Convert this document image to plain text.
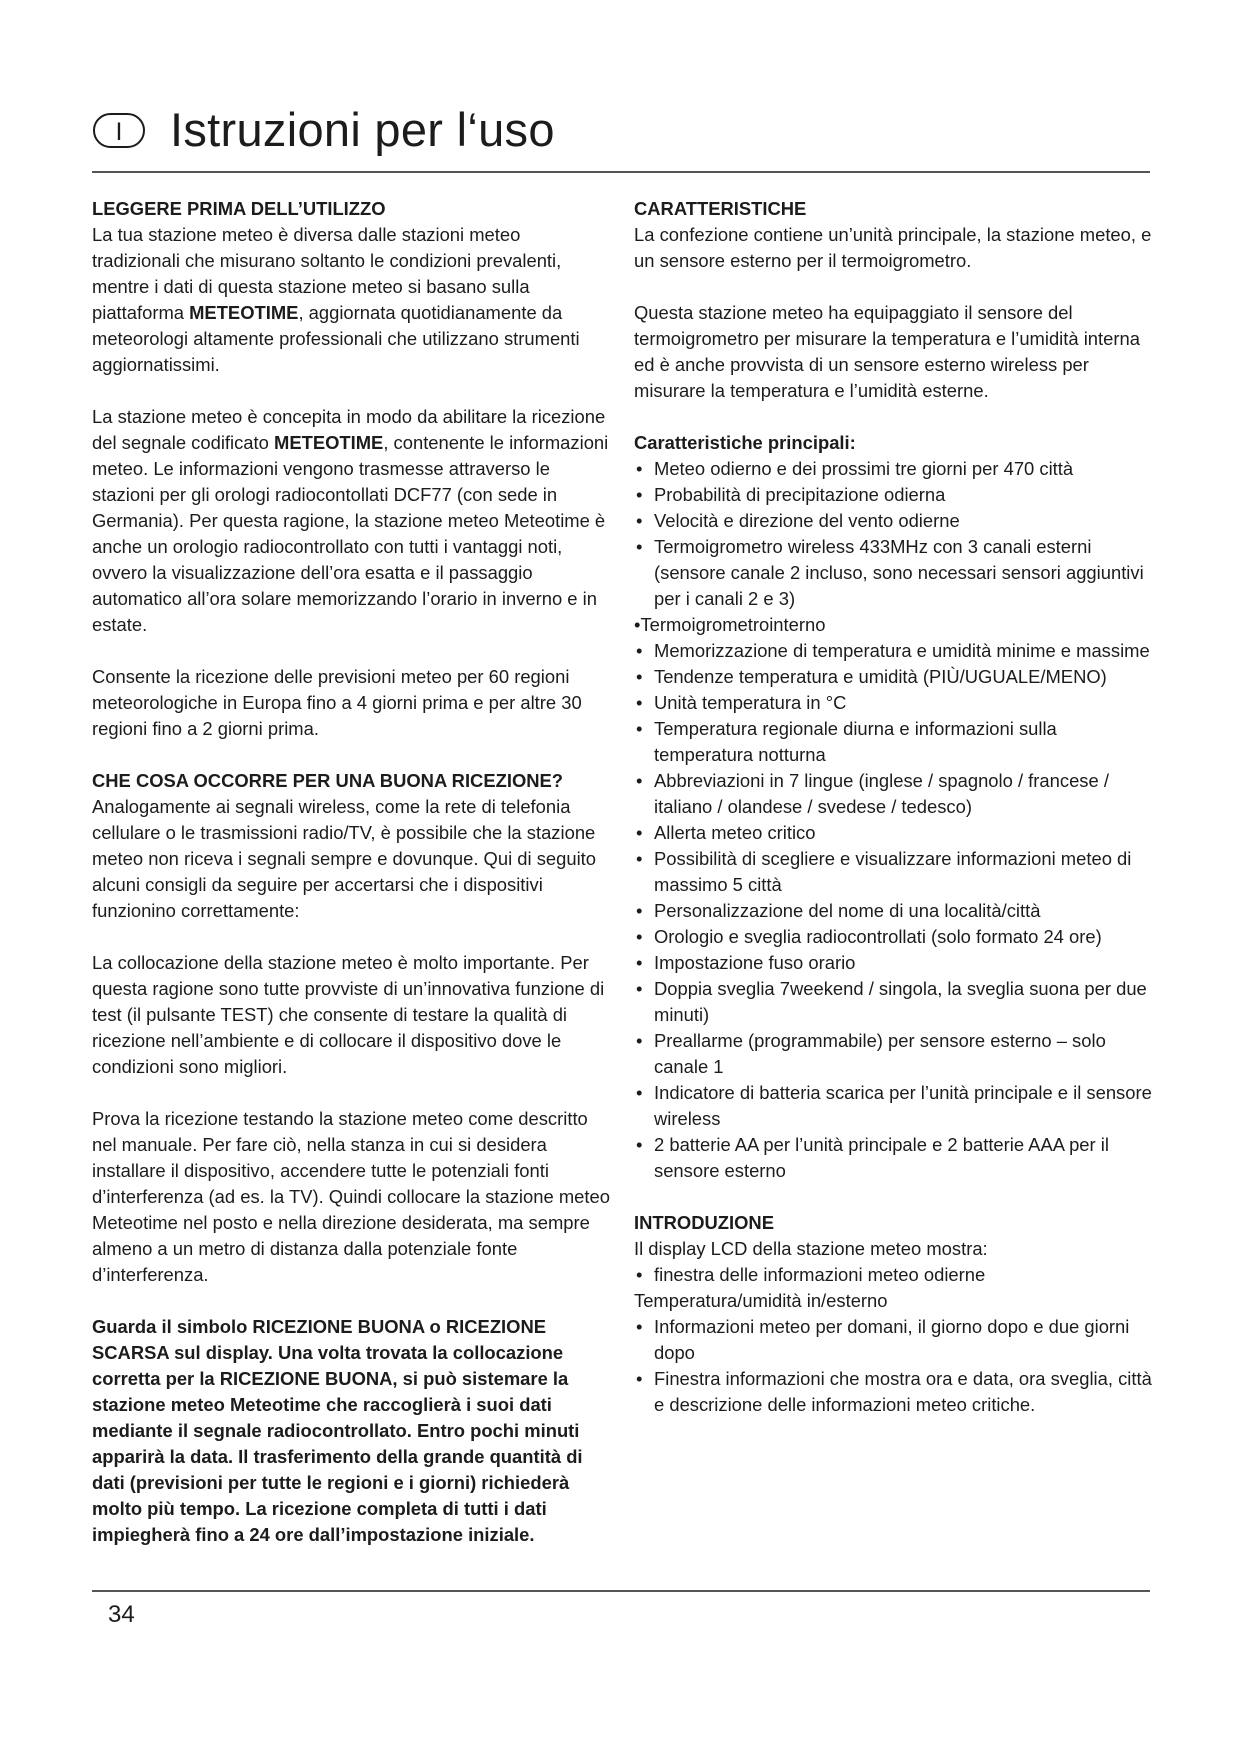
I	Istruzioni per l‘uso
LEGGERE PRIMA DELL’UTILIZZO

La tua stazione meteo è diversa dalle stazioni meteo tradizionali che misurano soltanto le condizioni prevalenti, mentre i dati di questa stazione meteo si basano sulla piattaforma METEOTIME, aggiornata quotidianamente da meteorologi altamente professionali che utilizzano strumenti aggiornatissimi.

La stazione meteo è concepita in modo da abilitare la ricezione del segnale codificato METEOTIME, contenente le informazioni meteo. Le informazioni vengono trasmesse attraverso le stazioni per gli orologi radiocontollati DCF77 (con sede in Germania). Per questa ragione, la stazione meteo Meteotime è anche un orologio radiocontrollato con tutti i vantaggi noti, ovvero la visualizzazione dell’ora esatta e il passaggio automatico all’ora solare memorizzando l’orario in inverno e in estate.

Consente la ricezione delle previsioni meteo per 60 regioni meteorologiche in Europa fino a 4 giorni prima e per altre 30 regioni fino a 2 giorni prima.

CHE COSA OCCORRE PER UNA BUONA RICEZIONE?

Analogamente ai segnali wireless, come la rete di telefonia cellulare o le trasmissioni radio/TV, è possibile che la stazione meteo non riceva i segnali sempre e dovunque. Qui di seguito alcuni consigli da seguire per accertarsi che i dispositivi funzionino correttamente:

La collocazione della stazione meteo è molto importante. Per questa ragione sono tutte provviste di un’innovativa funzione di test (il pulsante TEST) che consente di testare la qualità di ricezione nell’ambiente e di collocare il dispositivo dove le condizioni sono migliori.

Prova la ricezione testando la stazione meteo come descritto nel manuale. Per fare ciò, nella stanza in cui si desidera installare il dispositivo, accendere tutte le potenziali fonti d’interferenza (ad es. la TV). Quindi collocare la stazione meteo Meteotime nel posto e nella direzione desiderata, ma sempre almeno a un metro di distanza dalla potenziale fonte d’interferenza.

Guarda il simbolo RICEZIONE BUONA o RICEZIONE SCARSA sul display. Una volta trovata la collocazione corretta per la RICEZIONE BUONA, si può sistemare la stazione meteo Meteotime che raccoglierà i suoi dati mediante il segnale radiocontrollato. Entro pochi minuti apparirà la data. Il trasferimento della grande quantità di dati (previsioni per tutte le regioni e i giorni) richiederà molto più tempo. La ricezione completa di tutti i dati impiegherà fino a 24 ore dall’impostazione iniziale.

CARATTERISTICHE

La confezione contiene un’unità principale, la stazione meteo, e un sensore esterno per il termoigrometro.

Questa stazione meteo ha equipaggiato il sensore del termoigrometro per misurare la temperatura e l’umidità interna ed è anche provvista di un sensore esterno wireless per misurare la temperatura e l’umidità esterne.

Caratteristiche principali:
• Meteo odierno e dei prossimi tre giorni per 470 città
• Probabilità di precipitazione odierna
• Velocità e direzione del vento odierne
• Termoigrometro wireless 433MHz con 3 canali esterni (sensore canale 2 incluso, sono necessari sensori aggiuntivi per i canali 2 e 3)
•Termoigrometrointerno
• Memorizzazione di temperatura e umidità minime e massime
• Tendenze temperatura e umidità (PIÙ/UGUALE/MENO)
• Unità temperatura in °C
• Temperatura regionale diurna e informazioni sulla temperatura notturna
• Abbreviazioni in 7 lingue (inglese / spagnolo / francese / italiano / olandese / svedese / tedesco)
• Allerta meteo critico
• Possibilità di scegliere e visualizzare informazioni meteo di massimo 5 città
• Personalizzazione del nome di una località/città
• Orologio e sveglia radiocontrollati (solo formato 24 ore)
• Impostazione fuso orario
• Doppia sveglia 7weekend / singola, la sveglia suona per due minuti)
• Preallarme (programmabile) per sensore esterno – solo canale 1
• Indicatore di batteria scarica per l’unità principale e il sensore wireless
• 2 batterie AA per l’unità principale e 2 batterie AAA per il sensore esterno
INTRODUZIONE

Il display LCD della stazione meteo mostra:

• finestra delle informazioni meteo odierne
Temperatura/umidità in/esterno
• Informazioni meteo per domani, il giorno dopo e due giorni dopo
• Finestra informazioni che mostra ora e data, ora sveglia, città e descrizione delle informazioni meteo critiche.
34
